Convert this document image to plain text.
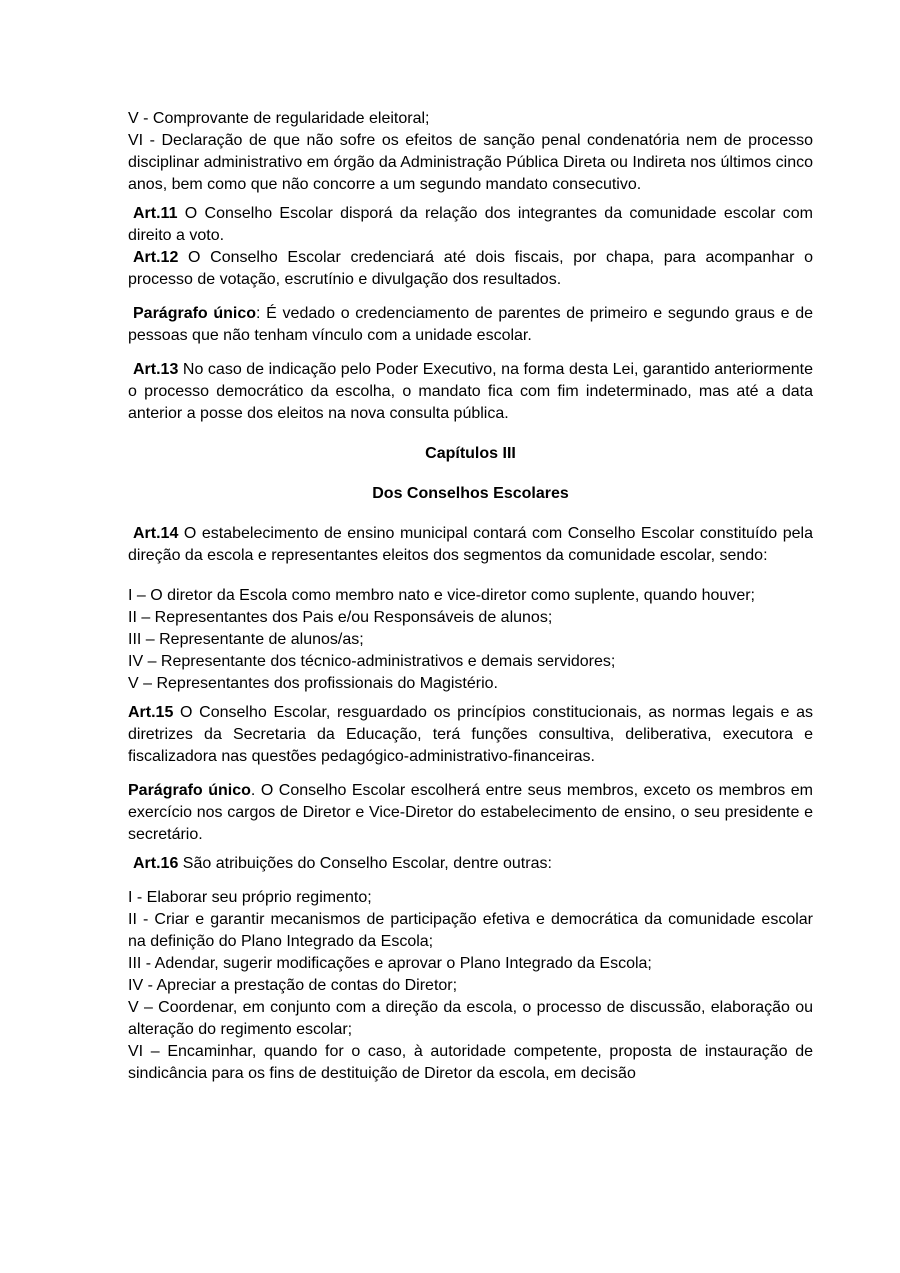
V - Comprovante de regularidade eleitoral;

VI - Declaração de que não sofre os efeitos de sanção penal condenatória nem de processo disciplinar administrativo em órgão da Administração Pública Direta ou Indireta nos últimos cinco anos, bem como que não concorre a um segundo mandato consecutivo.

Art.11 O Conselho Escolar disporá da relação dos integrantes da comunidade escolar com direito a voto.

Art.12 O Conselho Escolar credenciará até dois fiscais, por chapa, para acompanhar o processo de votação, escrutínio e divulgação dos resultados.

Parágrafo único: É vedado o credenciamento de parentes de primeiro e segundo graus e de pessoas que não tenham vínculo com a unidade escolar.

Art.13 No caso de indicação pelo Poder Executivo, na forma desta Lei, garantido anteriormente o processo democrático da escolha, o mandato fica com fim indeterminado, mas até a data anterior a posse dos eleitos na nova consulta pública.

Capítulos III

Dos Conselhos Escolares

Art.14 O estabelecimento de ensino municipal contará com Conselho Escolar constituído pela direção da escola e representantes eleitos dos segmentos da comunidade escolar, sendo:

I – O diretor da Escola como membro nato e vice-diretor como suplente, quando houver;

II – Representantes dos Pais e/ou Responsáveis de alunos;

III – Representante de alunos/as;

IV – Representante dos técnico-administrativos e demais servidores;

V – Representantes dos profissionais do Magistério.

Art.15 O Conselho Escolar, resguardado os princípios constitucionais, as normas legais e as diretrizes da Secretaria da Educação, terá funções consultiva, deliberativa, executora e fiscalizadora nas questões pedagógico-administrativo-financeiras.

Parágrafo único. O Conselho Escolar escolherá entre seus membros, exceto os membros em exercício nos cargos de Diretor e Vice-Diretor do estabelecimento de ensino, o seu presidente e secretário.

Art.16 São atribuições do Conselho Escolar, dentre outras:

I - Elaborar seu próprio regimento;

II - Criar e garantir mecanismos de participação efetiva e democrática da comunidade escolar na definição do Plano Integrado da Escola;

III - Adendar, sugerir modificações e aprovar o Plano Integrado da Escola;

IV - Apreciar a prestação de contas do Diretor;

V – Coordenar, em conjunto com a direção da escola, o processo de discussão, elaboração ou alteração do regimento escolar;

VI – Encaminhar, quando for o caso, à autoridade competente, proposta de instauração de sindicância para os fins de destituição de Diretor da escola, em decisão
